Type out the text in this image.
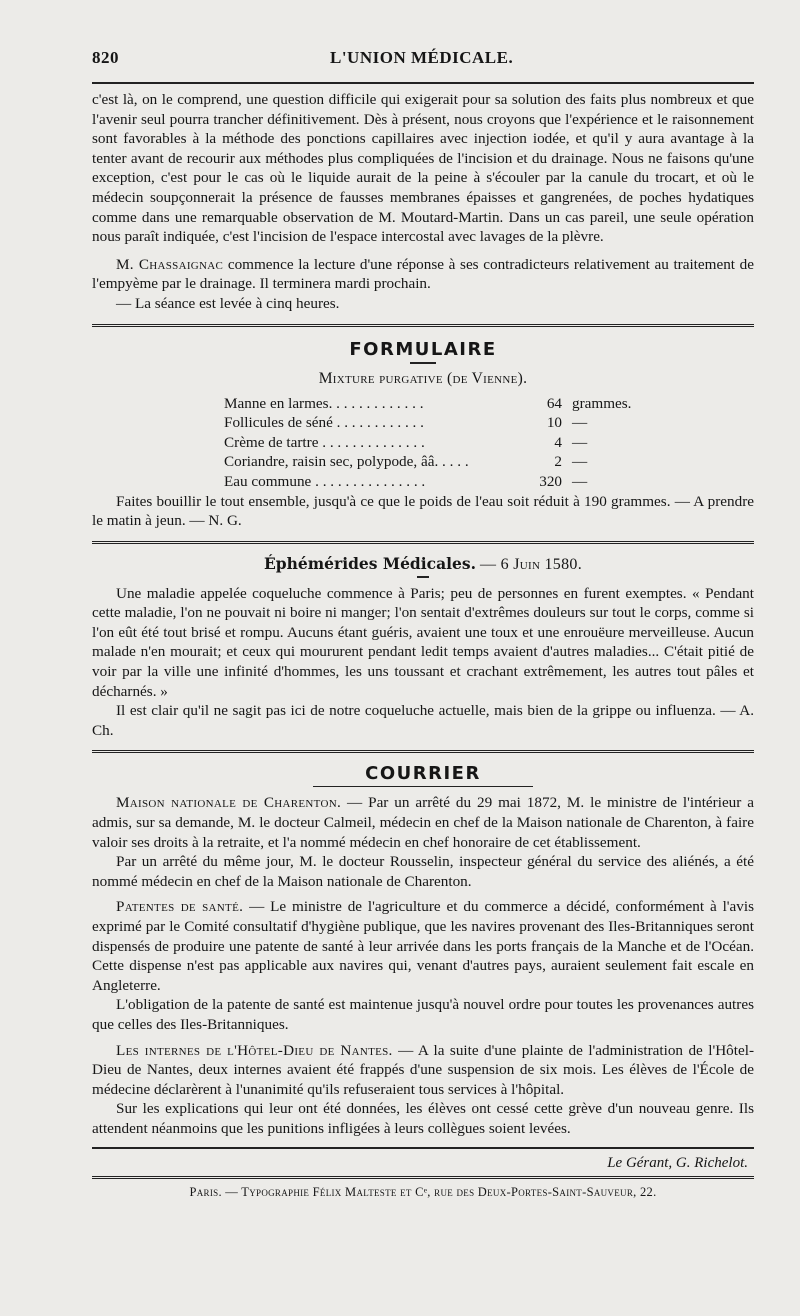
820	L'UNION MÉDICALE.

c'est là, on le comprend, une question difficile qui exigerait pour sa solution des faits plus nombreux et que l'avenir seul pourra trancher définitivement. Dès à présent, nous croyons que l'expérience et le raisonnement sont favorables à la méthode des ponctions capillaires avec injection iodée, et qu'il y aura avantage à la tenter avant de recourir aux méthodes plus compliquées de l'incision et du drainage. Nous ne faisons qu'une exception, c'est pour le cas où le liquide aurait de la peine à s'écouler par la canule du trocart, et où le médecin soupçonnerait la présence de fausses membranes épaisses et gangrenées, de poches hydatiques comme dans une remarquable observation de M. Moutard-Martin. Dans un cas pareil, une seule opération nous paraît indiquée, c'est l'incision de l'espace intercostal avec lavages de la plèvre.

M. Chassaignac commence la lecture d'une réponse à ses contradicteurs relativement au traitement de l'empyème par le drainage. Il terminera mardi prochain.

— La séance est levée à cinq heures.

FORMULAIRE
Mixture purgative (de Vienne).
Manne en larmes. . . . . . . . . . . . .	64 grammes.
Follicules de séné . . . . . . . . . . . .	10 —
Crème de tartre . . . . . . . . . . . . . .	4 —
Coriandre, raisin sec, polypode, ââ. . . . .	2 —
Eau commune . . . . . . . . . . . . . . .	320 —

Faites bouillir le tout ensemble, jusqu'à ce que le poids de l'eau soit réduit à 190 grammes. — A prendre le matin à jeun. — N. G.

Éphémérides Médicales. — 6 Juin 1580.

Une maladie appelée coqueluche commence à Paris; peu de personnes en furent exemptes. « Pendant cette maladie, l'on ne pouvait ni boire ni manger; l'on sentait d'extrêmes douleurs sur tout le corps, comme si l'on eût été tout brisé et rompu. Aucuns étant guéris, avaient une toux et une enrouëure merveilleuse. Aucun malade n'en mourait; et ceux qui moururent pendant ledit temps avaient d'autres maladies... C'était pitié de voir par la ville une infinité d'hommes, les uns toussant et crachant extrêmement, les autres tout pâles et décharnés. »

Il est clair qu'il ne sagit pas ici de notre coqueluche actuelle, mais bien de la grippe ou influenza. — A. Ch.

COURRIER

Maison nationale de Charenton. — Par un arrêté du 29 mai 1872, M. le ministre de l'intérieur a admis, sur sa demande, M. le docteur Calmeil, médecin en chef de la Maison nationale de Charenton, à faire valoir ses droits à la retraite, et l'a nommé médecin en chef honoraire de cet établissement.

Par un arrêté du même jour, M. le docteur Rousselin, inspecteur général du service des aliénés, a été nommé médecin en chef de la Maison nationale de Charenton.

Patentes de santé. — Le ministre de l'agriculture et du commerce a décidé, conformément à l'avis exprimé par le Comité consultatif d'hygiène publique, que les navires provenant des Iles-Britanniques seront dispensés de produire une patente de santé à leur arrivée dans les ports français de la Manche et de l'Océan. Cette dispense n'est pas applicable aux navires qui, venant d'autres pays, auraient seulement fait escale en Angleterre.

L'obligation de la patente de santé est maintenue jusqu'à nouvel ordre pour toutes les provenances autres que celles des Iles-Britanniques.

Les internes de l'Hôtel-Dieu de Nantes. — A la suite d'une plainte de l'administration de l'Hôtel-Dieu de Nantes, deux internes avaient été frappés d'une suspension de six mois. Les élèves de l'École de médecine déclarèrent à l'unanimité qu'ils refuseraient tous services à l'hôpital.

Sur les explications qui leur ont été données, les élèves ont cessé cette grève d'un nouveau genre. Ils attendent néanmoins que les punitions infligées à leurs collègues soient levées.

Le Gérant, G. Richelot.
Paris. — Typographie Félix Malteste et Cᵉ, rue des Deux-Portes-Saint-Sauveur, 22.
